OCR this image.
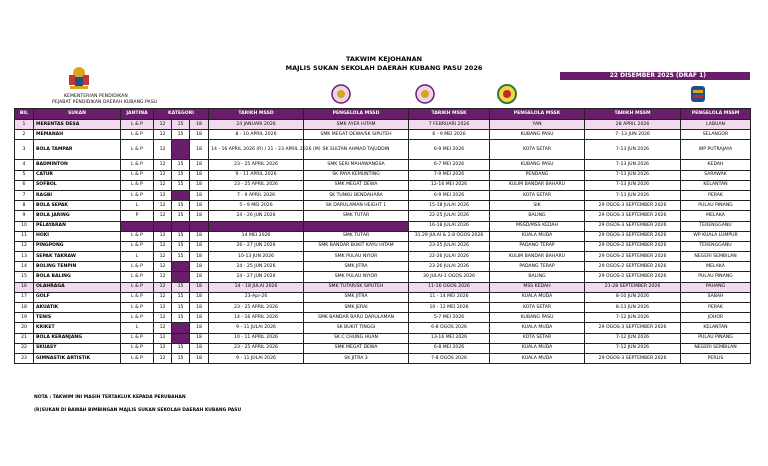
KEMENTERIAN PENDIDIKAN
PEJABAT PENDIDIKAN DAERAH KUBANG PASU
TAKWIM KEJOHANAN
MAJLIS SUKAN SEKOLAH DAERAH KUBANG PASU 2026
22 DISEMBER 2025 (DRAF 1)
BIL	SUKAN	JANTINA	KATEGORI			TARIKH MSSD	PENGELOLA MSSD	TARIKH MSSK	PENGELOLA MSSK	TARIKH MSSM	PENGELOLA MSSM
1	MERENTAS DESA	L & P	12	15	18	24 JANUARI 2026	SMK AYER HITAM	7 FEBRUARI 2026	YAN	28 APRIL 2026	LABUAN
2	MEMANAH	L & P	12	15	18	8 - 10 APRIL 2026	SMK MEGAT DEWA/SK SIPUTEH	6 - 9 MEI 2026	KUBANG PASU	7- 13 JUN 2026	SELANGOR
3	BOLA TAMPAR	L & P	12		18	14 - 16 APRIL 2026 (R) / 21 - 23 APRIL 2026 (M)	SK SULTAN AHMAD TAJUDDIN	6-9 MEI 2026	KOTA SETAR	7-13 JUN 2026	WP PUTRAJAYA
4	BADMINTON	L & P	12	15	18	23 - 25 APRIL 2026	SMK SERI MAHAWANGSA	6-7 MEI 2026	KUBANG PASU	7-13 JUN 2026	KEDAH
5	CATUR	L & P	12	15	18	9 - 11 APRIL 2026	SK PAYA KEMUNTING	7-9 MEI 2026	PENDANG	7-13 JUN 2026	SARAWAK
6	SOFBOL	L & P	12	15	18	23 - 25 APRIL 2026	SMK MEGAT DEWA	12-16 MEI 2026	KULIM BANDAR BAHARU	7-13 JUN 2026	KELANTAN
7	RAGBI	L & P	12		18	7 - 9 APRIL 2026	SK TUNKU BENDAHARA	6-9 MEI 2026	KOTA SETAR	7-13 JUN 2026	PERAK
8	BOLA SEPAK	L	12	15	18	5 - 9 MEI 2026	SK DARULAMAN HEIGHT 1	15-18 JULAI 2026	SIK	29 OGOS-3 SEPTEMBER 2026	PULAU PINANG
9	BOLA JARING	P	12	15	18	24 - 26 JUN 2026	SMK TUTAR	22-25 JULAI 2026	BALING	29 OGOS-3 SEPTEMBER 2026	MELAKA
10	PELAYARAN							16-18 JULAI 2026	MSSD/MSS KEDAH	29 OGOS-3 SEPTEMBER 2026	TERENGGANU
11	HOKI	L & P	12	15	18	14 MEI 2026	SMK TUTAR	31.29 JULAI & 2.8 OGOS 2026	KUALA MUDA	29 OGOS-3 SEPTEMBER 2026	WP KUALA LUMPUR
12	PINGPONG	L & P	12	15	18	26 - 27 JUN 2026	SMK BANDAR BUKIT KAYU HITAM	23-25 JULAI 2026	PADANG TERAP	29 OGOS-2 SEPTEMBER 2026	TERENGGANU
13	SEPAK TAKRAW	L	12	15	18	10-13 JUN 2026	SMK PULAU NYIOR	22-26 JULAI 2026	KULIM BANDAR BAHARU	29 OGOS-2 SEPTEMBER 2026	NEGERI SEMBILAN
14	BOLING TENPIN	L & P	12		18	24 - 25 JUN 2026	SMK JITRA	23-26 JULAI 2026	PADANG TERAP	29 OGOS-2 SEPTEMBER 2026	MELAKA
15	BOLA BALING	L & P	12		18	24 - 27 JUN 2026	SMK PULAU NYIOR	30 JULAI-1 OGOS 2026	BALING	29 OGOS-2 SEPTEMBER 2026	PULAU PINANG
16	OLAHRAGA	L & P	12	15	18	14 - 18 JULAI 2026	SMK TUTAR/SK SIPUTEH	11-16 OGOS 2026	MSS KEDAH	21-28 SEPTEMBER 2026	PAHANG
17	GOLF	L & P	12	15	18	23-Apr-26	SMK JITRA	11 - 14 MEI 2026	KUALA MUDA	8-10 JUN 2026	SABAH
18	AKUATIK	L & P	12	15	18	23 - 25 APRIL 2026	SMK JERAI	10 - 12 MEI 2026	KOTA SETAR	8-13 JUN 2026	PERAK
19	TENIS	L & P	12	15	18	14 - 16 APRIL 2026	SMK BANDAR BARU DARULAMAN	5-7 MEI 2026	KUBANG PASU	7-12 JUN 2026	JOHOR
20	KRIKET	L	12		18	9 - 11 JULAI 2026	SK BUKIT TINGGI	6-8 OGOS 2026	KUALA MUDA	29 OGOS-3 SEPTEMBER 2026	KELANTAN
21	BOLA KERANJANG	L & P	12		18	10 - 11 APRIL 2026	SK C CHUNG HUAN	13-16 MEI 2026	KOTA SETAR	7-12 JUN 2026	PULAU PINANG
22	SKUASY	L & P	12	15	18	23 - 25 APRIL 2026	SMK MEGAT DEWA	6-8 MEI 2026	KUALA MUDA	7-12 JUN 2026	NEGERI SEMBILAN
23	GIMNASTIK ARTISTIK	L & P	12	15	18	9 - 11 JULAI 2026	SK JITRA 3	7-8 OGOS 2026	KUALA MUDA	29 OGOS-3 SEPTEMBER 2026	PERLIS
NOTA : TAKWIM INI MASIH TERTAKLUK KEPADA PERUBAHAN
(R)SUKAN DI BAWAH BIMBINGAN MAJLIS SUKAN SEKOLAH DAERAH KUBANG PASU
